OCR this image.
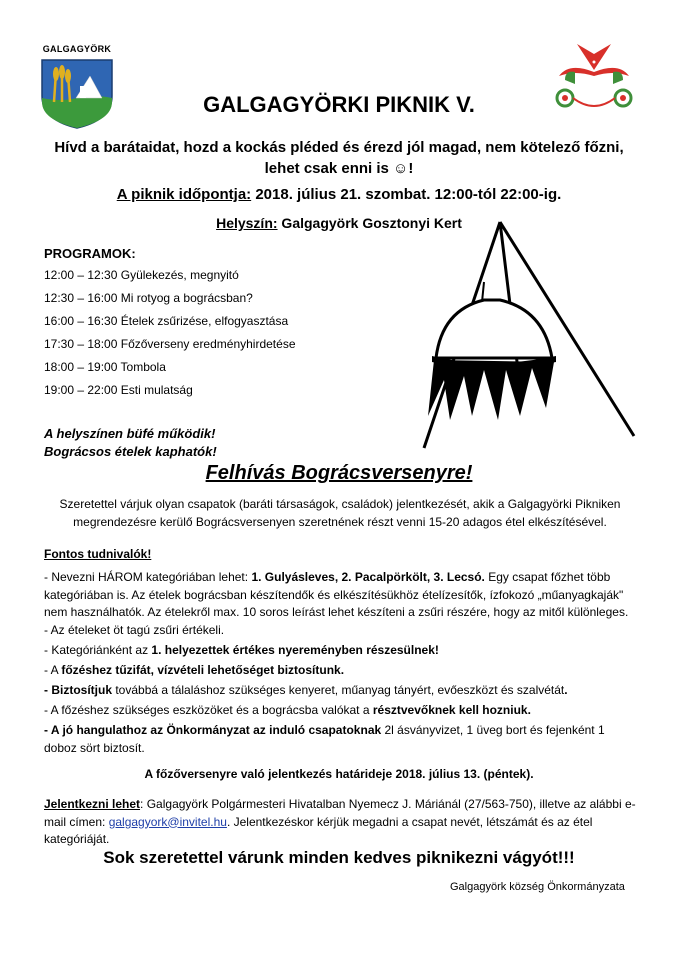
GALGAGYÖRK
GALGAGYÖRKI PIKNIK V.
Hívd a barátaidat, hozd a kockás pléded és érezd jól magad, nem kötelező főzni, lehet csak enni is ☺!
A piknik időpontja: 2018. július 21. szombat. 12:00-tól 22:00-ig.
Helyszín: Galgagyörk Gosztonyi Kert
PROGRAMOK:
12:00 – 12:30 Gyülekezés, megnyitó
12:30 – 16:00 Mi rotyog a bográcsban?
16:00 – 16:30 Ételek zsűrizése, elfogyasztása
17:30 – 18:00 Főzőverseny eredményhirdetése
18:00 – 19:00 Tombola
19:00 – 22:00 Esti mulatság
A helyszínen büfé működik!
Bográcsos ételek kaphatók!
Felhívás Bográcsversenyre!
Szeretettel várjuk olyan csapatok (baráti társaságok, családok) jelentkezését, akik a Galgagyörki Pikniken megrendezésre kerülő Bográcsversenyen szeretnének részt venni 15-20 adagos étel elkészítésével.
Fontos tudnivalók!
- Nevezni HÁROM kategóriában lehet: 1. Gulyásleves, 2. Pacalpörkölt, 3. Lecsó. Egy csapat főzhet több kategóriában is. Az ételek bográcsban készítendők és elkészítésükhöz ételízesítők, ízfokozó „műanyagkaják" nem használhatók. Az ételekről max. 10 soros leírást lehet készíteni a zsűri részére, hogy az mitől különleges.
- Az ételeket öt tagú zsűri értékeli.
- Kategóriánként az 1. helyezettek értékes nyereményben részesülnek!
- A főzéshez tűzifát, vízvételi lehetőséget biztosítunk.
- Biztosítjuk továbbá a tálaláshoz szükséges kenyeret, műanyag tányért, evőeszközt és szalvétát.
- A főzéshez szükséges eszközöket és a bográcsba valókat a résztvevőknek kell hozniuk.
- A jó hangulathoz az Önkormányzat az induló csapatoknak 2l ásványvizet, 1 üveg bort és fejenként 1 doboz sört biztosít.
A főzőversenyre való jelentkezés határideje 2018. július 13. (péntek).
Jelentkezni lehet: Galgagyörk Polgármesteri Hivatalban Nyemecz J. Máriánál (27/563-750), illetve az alábbi e-mail címen: galgagyork@invitel.hu. Jelentkezéskor kérjük megadni a csapat nevét, létszámát és az étel kategóriáját.
Sok szeretettel várunk minden kedves piknikezni vágyót!!!
Galgagyörk község Önkormányzata
